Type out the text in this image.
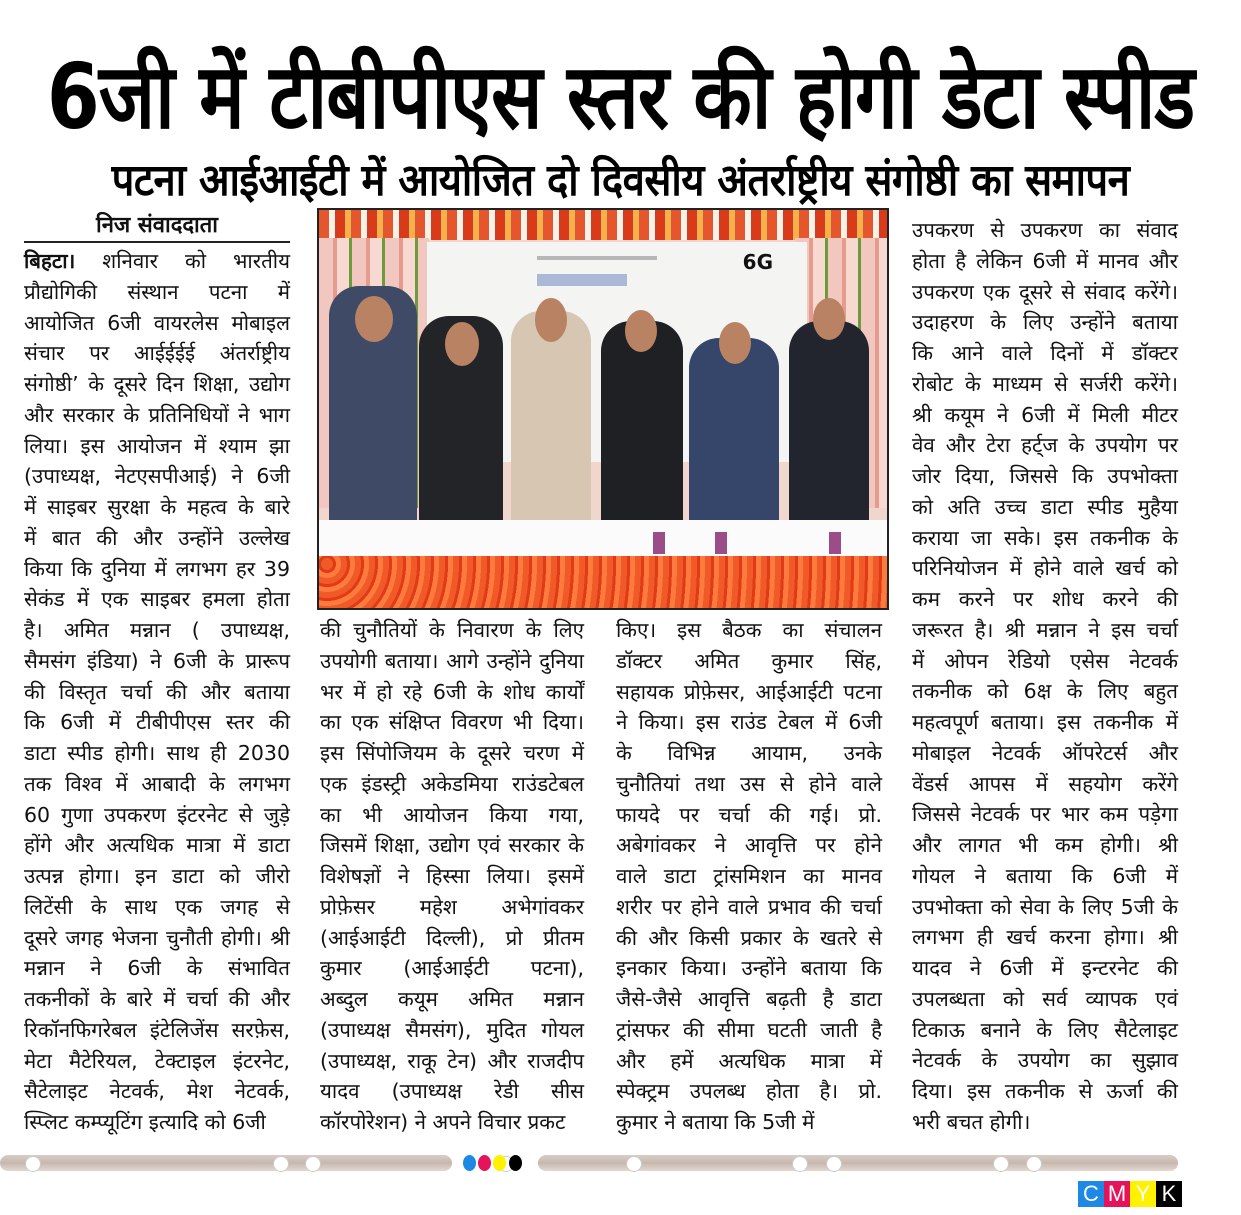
6जी में टीबीपीएस स्तर की होगी डेटा स्पीड
पटना आईआईटी में आयोजित दो दिवसीय अंतर्राष्ट्रीय संगोष्ठी का समापन
निज संवाददाता
6G
बिहटा। शनिवार को भारतीय
प्रौद्योगिकी संस्थान पटना में
आयोजित 6जी वायरलेस मोबाइल
संचार पर आईईईई अंतर्राष्ट्रीय
संगोष्ठी’ के दूसरे दिन शिक्षा, उद्योग
और सरकार के प्रतिनिधियों ने भाग
लिया। इस आयोजन में श्याम झा
(उपाध्यक्ष, नेटएसपीआई) ने 6जी
में साइबर सुरक्षा के महत्व के बारे
में बात की और उन्होंने उल्लेख
किया कि दुनिया में लगभग हर 39
सेकंड में एक साइबर हमला होता
है। अमित मन्नान ( उपाध्यक्ष,
सैमसंग इंडिया) ने 6जी के प्रारूप
की विस्तृत चर्चा की और बताया
कि 6जी में टीबीपीएस स्तर की
डाटा स्पीड होगी। साथ ही 2030
तक विश्व में आबादी के लगभग
60 गुणा उपकरण इंटरनेट से जुड़े
होंगे और अत्यधिक मात्रा में डाटा
उत्पन्न होगा। इन डाटा को जीरो
लिटेंसी के साथ एक जगह से
दूसरे जगह भेजना चुनौती होगी। श्री
मन्नान ने 6जी के संभावित
तकनीकों के बारे में चर्चा की और
रिकॉनफिगरेबल इंटेलिजेंस सरफ़ेस,
मेटा मैटेरियल, टेक्टाइल इंटरनेट,
सैटेलाइट नेटवर्क, मेश नेटवर्क,
स्प्लिट कम्प्यूटिंग इत्यादि को 6जी
की चुनौतियों के निवारण के लिए
उपयोगी बताया। आगे उन्होंने दुनिया
भर में हो रहे 6जी के शोध कार्यों
का एक संक्षिप्त विवरण भी दिया।
इस सिंपोजियम के दूसरे चरण में
एक इंडस्ट्री अकेडमिया राउंडटेबल
का भी आयोजन किया गया,
जिसमें शिक्षा, उद्योग एवं सरकार के
विशेषज्ञों ने हिस्सा लिया। इसमें
प्रोफ़ेसर महेश अभेगांवकर
(आईआईटी दिल्ली), प्रो प्रीतम
कुमार (आईआईटी पटना),
अब्दुल कयूम अमित मन्नान
(उपाध्यक्ष सैमसंग), मुदित गोयल
(उपाध्यक्ष, राकू टेन) और राजदीप
यादव (उपाध्यक्ष रेडी सीस
कॉरपोरेशन) ने अपने विचार प्रकट
किए। इस बैठक का संचालन
डॉक्टर अमित कुमार सिंह,
सहायक प्रोफ़ेसर, आईआईटी पटना
ने किया। इस राउंड टेबल में 6जी
के विभिन्न आयाम, उनके
चुनौतियां तथा उस से होने वाले
फायदे पर चर्चा की गई। प्रो.
अबेगांवकर ने आवृत्ति पर होने
वाले डाटा ट्रांसमिशन का मानव
शरीर पर होने वाले प्रभाव की चर्चा
की और किसी प्रकार के खतरे से
इनकार किया। उन्होंने बताया कि
जैसे-जैसे आवृत्ति बढ़ती है डाटा
ट्रांसफर की सीमा घटती जाती है
और हमें अत्यधिक मात्रा में
स्पेक्ट्रम उपलब्ध होता है। प्रो.
कुमार ने बताया कि 5जी में
उपकरण से उपकरण का संवाद
होता है लेकिन 6जी में मानव और
उपकरण एक दूसरे से संवाद करेंगे।
उदाहरण के लिए उन्होंने बताया
कि आने वाले दिनों में डॉक्टर
रोबोट के माध्यम से सर्जरी करेंगे।
श्री कयूम ने 6जी में मिली मीटर
वेव और टेरा हर्ट्ज के उपयोग पर
जोर दिया, जिससे कि उपभोक्ता
को अति उच्च डाटा स्पीड मुहैया
कराया जा सके। इस तकनीक के
परिनियोजन में होने वाले खर्च को
कम करने पर शोध करने की
जरूरत है। श्री मन्नान ने इस चर्चा
में ओपन रेडियो एसेस नेटवर्क
तकनीक को 6क्ष के लिए बहुत
महत्वपूर्ण बताया। इस तकनीक में
मोबाइल नेटवर्क ऑपरेटर्स और
वेंडर्स आपस में सहयोग करेंगे
जिससे नेटवर्क पर भार कम पड़ेगा
और लागत भी कम होगी। श्री
गोयल ने बताया कि 6जी में
उपभोक्ता को सेवा के लिए 5जी के
लगभग ही खर्च करना होगा। श्री
यादव ने 6जी में इन्टरनेट की
उपलब्धता को सर्व व्यापक एवं
टिकाऊ बनाने के लिए सैटेलाइट
नेटवर्क के उपयोग का सुझाव
दिया। इस तकनीक से ऊर्जा की
भरी बचत होगी।
C M Y K
